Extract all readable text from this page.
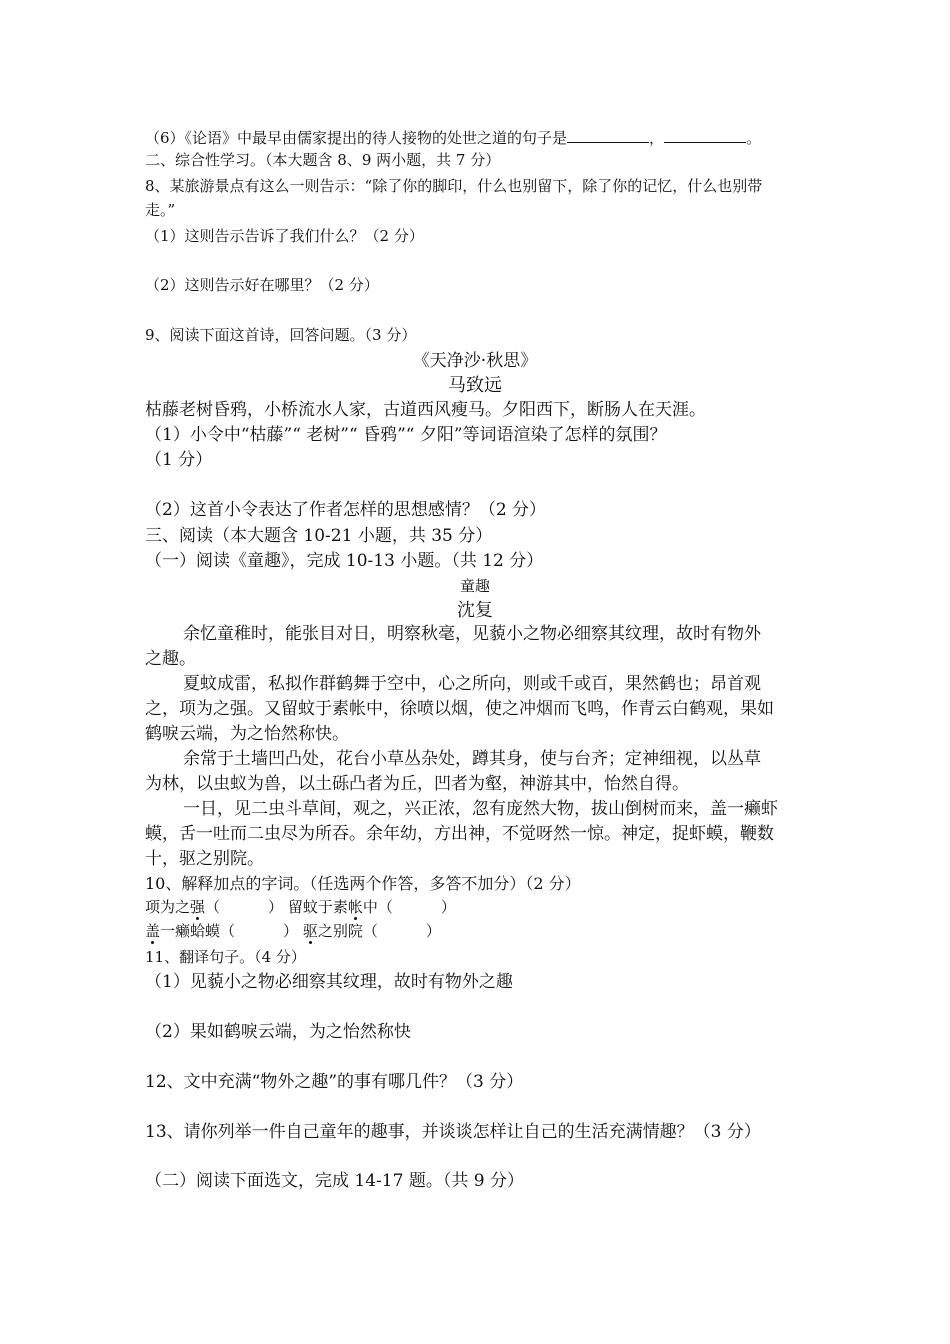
（6）《论语》中最早由儒家提出的待人接物的处世之道的句子是	，	。
二、综合性学习。（本大题含 8、9 两小题，共 7 分）
8、某旅游景点有这么一则告示：“除了你的脚印，什么也别留下，除了你的记忆，什么也别带
走。”
（1）这则告示告诉了我们什么？（2 分）
（2）这则告示好在哪里？（2 分）
9、阅读下面这首诗，回答问题。（3 分）
《天净沙·秋思》
马致远
枯藤老树昏鸦，小桥流水人家，古道西风瘦马。夕阳西下，断肠人在天涯。
（1）小令中“枯藤”“ 老树”“ 昏鸦”“ 夕阳”等词语渲染了怎样的氛围？
（1 分）
（2）这首小令表达了作者怎样的思想感情？（2 分）
三、阅读（本大题含 10-21 小题，共 35 分）
（一）阅读《童趣》，完成 10-13 小题。（共 12 分）
童趣
沈复
余忆童稚时，能张目对日，明察秋毫，见藐小之物必细察其纹理，故时有物外
之趣。
夏蚊成雷，私拟作群鹤舞于空中，心之所向，则或千或百，果然鹤也；昂首观
之，项为之强。又留蚊于素帐中，徐喷以烟，使之冲烟而飞鸣，作青云白鹤观，果如
鹤唳云端，为之怡然称快。
余常于土墙凹凸处，花台小草丛杂处，蹲其身，使与台齐；定神细视，以丛草
为林，以虫蚁为兽，以土砾凸者为丘，凹者为壑，神游其中，怡然自得。
一日，见二虫斗草间，观之，兴正浓，忽有庞然大物，拔山倒树而来，盖一癞虾
蟆，舌一吐而二虫尽为所吞。余年幼，方出神，不觉呀然一惊。神定，捉虾蟆，鞭数
十，驱之别院。
10、解释加点的字词。（任选两个作答，多答不加分）（2 分）
项为之强（	） 留蚊于素帐中（	）
盖一癞蛤蟆（	） 驱之别院（	）
11、翻译句子。（4 分）
（1）见藐小之物必细察其纹理，故时有物外之趣
（2）果如鹤唳云端，为之怡然称快
12、文中充满“物外之趣”的事有哪几件？（3 分）
13、请你列举一件自己童年的趣事，并谈谈怎样让自己的生活充满情趣？（3 分）
（二）阅读下面选文，完成 14-17 题。（共 9 分）
